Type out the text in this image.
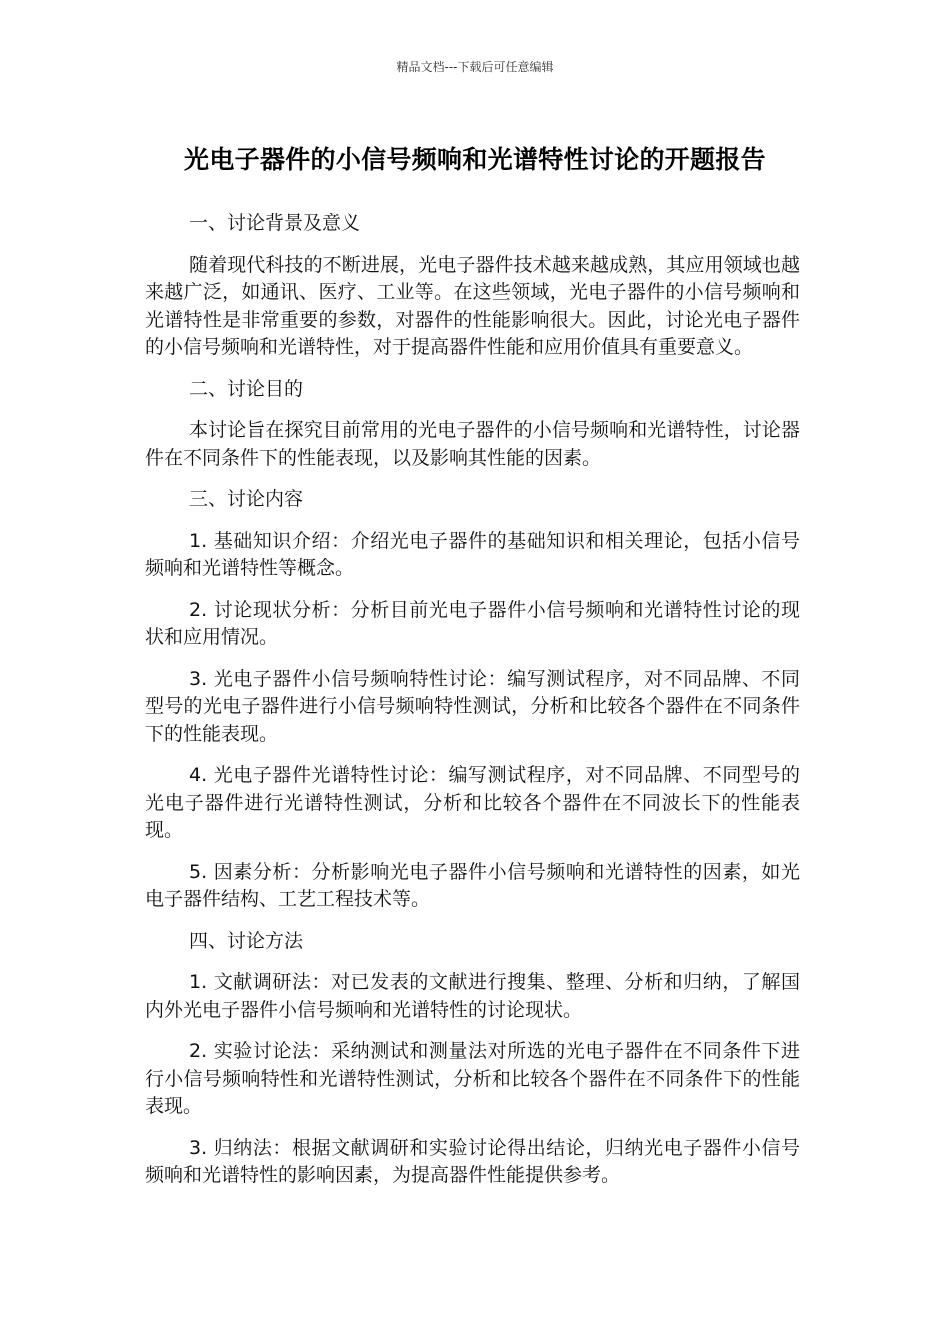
精品文档---下载后可任意编辑
光电子器件的小信号频响和光谱特性讨论的开题报告
一、讨论背景及意义
随着现代科技的不断进展，光电子器件技术越来越成熟，其应用领域也越来越广泛，如通讯、医疗、工业等。在这些领域，光电子器件的小信号频响和光谱特性是非常重要的参数，对器件的性能影响很大。因此，讨论光电子器件的小信号频响和光谱特性，对于提高器件性能和应用价值具有重要意义。
二、讨论目的
本讨论旨在探究目前常用的光电子器件的小信号频响和光谱特性，讨论器件在不同条件下的性能表现，以及影响其性能的因素。
三、讨论内容
1. 基础知识介绍：介绍光电子器件的基础知识和相关理论，包括小信号频响和光谱特性等概念。
2. 讨论现状分析：分析目前光电子器件小信号频响和光谱特性讨论的现状和应用情况。
3. 光电子器件小信号频响特性讨论：编写测试程序，对不同品牌、不同型号的光电子器件进行小信号频响特性测试，分析和比较各个器件在不同条件下的性能表现。
4. 光电子器件光谱特性讨论：编写测试程序，对不同品牌、不同型号的光电子器件进行光谱特性测试，分析和比较各个器件在不同波长下的性能表现。
5. 因素分析：分析影响光电子器件小信号频响和光谱特性的因素，如光电子器件结构、工艺工程技术等。
四、讨论方法
1. 文献调研法：对已发表的文献进行搜集、整理、分析和归纳，了解国内外光电子器件小信号频响和光谱特性的讨论现状。
2. 实验讨论法：采纳测试和测量法对所选的光电子器件在不同条件下进行小信号频响特性和光谱特性测试，分析和比较各个器件在不同条件下的性能表现。
3. 归纳法：根据文献调研和实验讨论得出结论，归纳光电子器件小信号频响和光谱特性的影响因素，为提高器件性能提供参考。
